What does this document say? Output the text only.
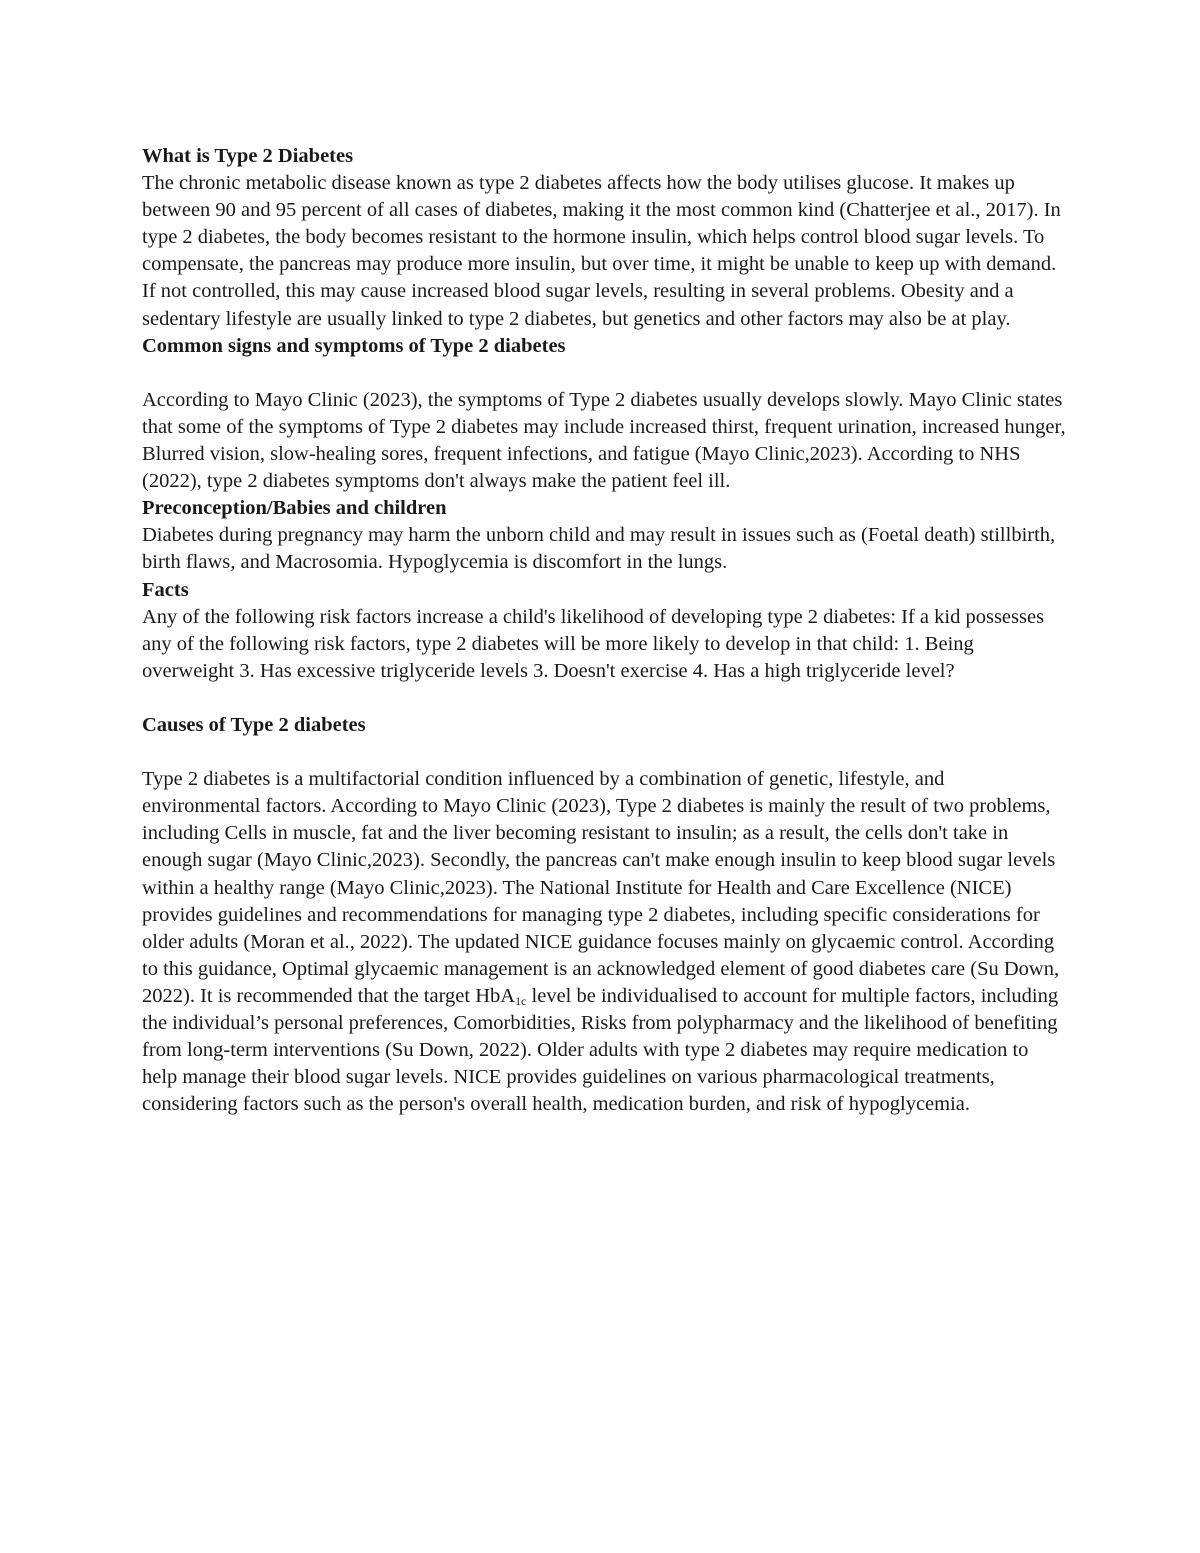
What is Type 2 Diabetes

The chronic metabolic disease known as type 2 diabetes affects how the body utilises glucose. It makes up between 90 and 95 percent of all cases of diabetes, making it the most common kind (Chatterjee et al., 2017). In type 2 diabetes, the body becomes resistant to the hormone insulin, which helps control blood sugar levels. To compensate, the pancreas may produce more insulin, but over time, it might be unable to keep up with demand. If not controlled, this may cause increased blood sugar levels, resulting in several problems. Obesity and a sedentary lifestyle are usually linked to type 2 diabetes, but genetics and other factors may also be at play.

Common signs and symptoms of Type 2 diabetes

According to Mayo Clinic (2023), the symptoms of Type 2 diabetes usually develops slowly. Mayo Clinic states that some of the symptoms of Type 2 diabetes may include increased thirst, frequent urination, increased hunger, Blurred vision, slow-healing sores, frequent infections, and fatigue (Mayo Clinic,2023). According to NHS (2022), type 2 diabetes symptoms don't always make the patient feel ill.

Preconception/Babies and children

Diabetes during pregnancy may harm the unborn child and may result in issues such as (Foetal death) stillbirth, birth flaws, and Macrosomia. Hypoglycemia is discomfort in the lungs.

Facts

Any of the following risk factors increase a child's likelihood of developing type 2 diabetes: If a kid possesses any of the following risk factors, type 2 diabetes will be more likely to develop in that child: 1. Being overweight 3. Has excessive triglyceride levels 3. Doesn't exercise 4. Has a high triglyceride level?

Causes of Type 2 diabetes

Type 2 diabetes is a multifactorial condition influenced by a combination of genetic, lifestyle, and environmental factors. According to Mayo Clinic (2023), Type 2 diabetes is mainly the result of two problems, including Cells in muscle, fat and the liver becoming resistant to insulin; as a result, the cells don't take in enough sugar (Mayo Clinic,2023). Secondly, the pancreas can't make enough insulin to keep blood sugar levels within a healthy range (Mayo Clinic,2023). The National Institute for Health and Care Excellence (NICE) provides guidelines and recommendations for managing type 2 diabetes, including specific considerations for older adults (Moran et al., 2022). The updated NICE guidance focuses mainly on glycaemic control. According to this guidance, Optimal glycaemic management is an acknowledged element of good diabetes care (Su Down, 2022). It is recommended that the target HbA$_{1c}$ level be individualised to account for multiple factors, including the individual’s personal preferences, Comorbidities, Risks from polypharmacy and the likelihood of benefiting from long-term interventions (Su Down, 2022). Older adults with type 2 diabetes may require medication to help manage their blood sugar levels. NICE provides guidelines on various pharmacological treatments, considering factors such as the person's overall health, medication burden, and risk of hypoglycemia.
